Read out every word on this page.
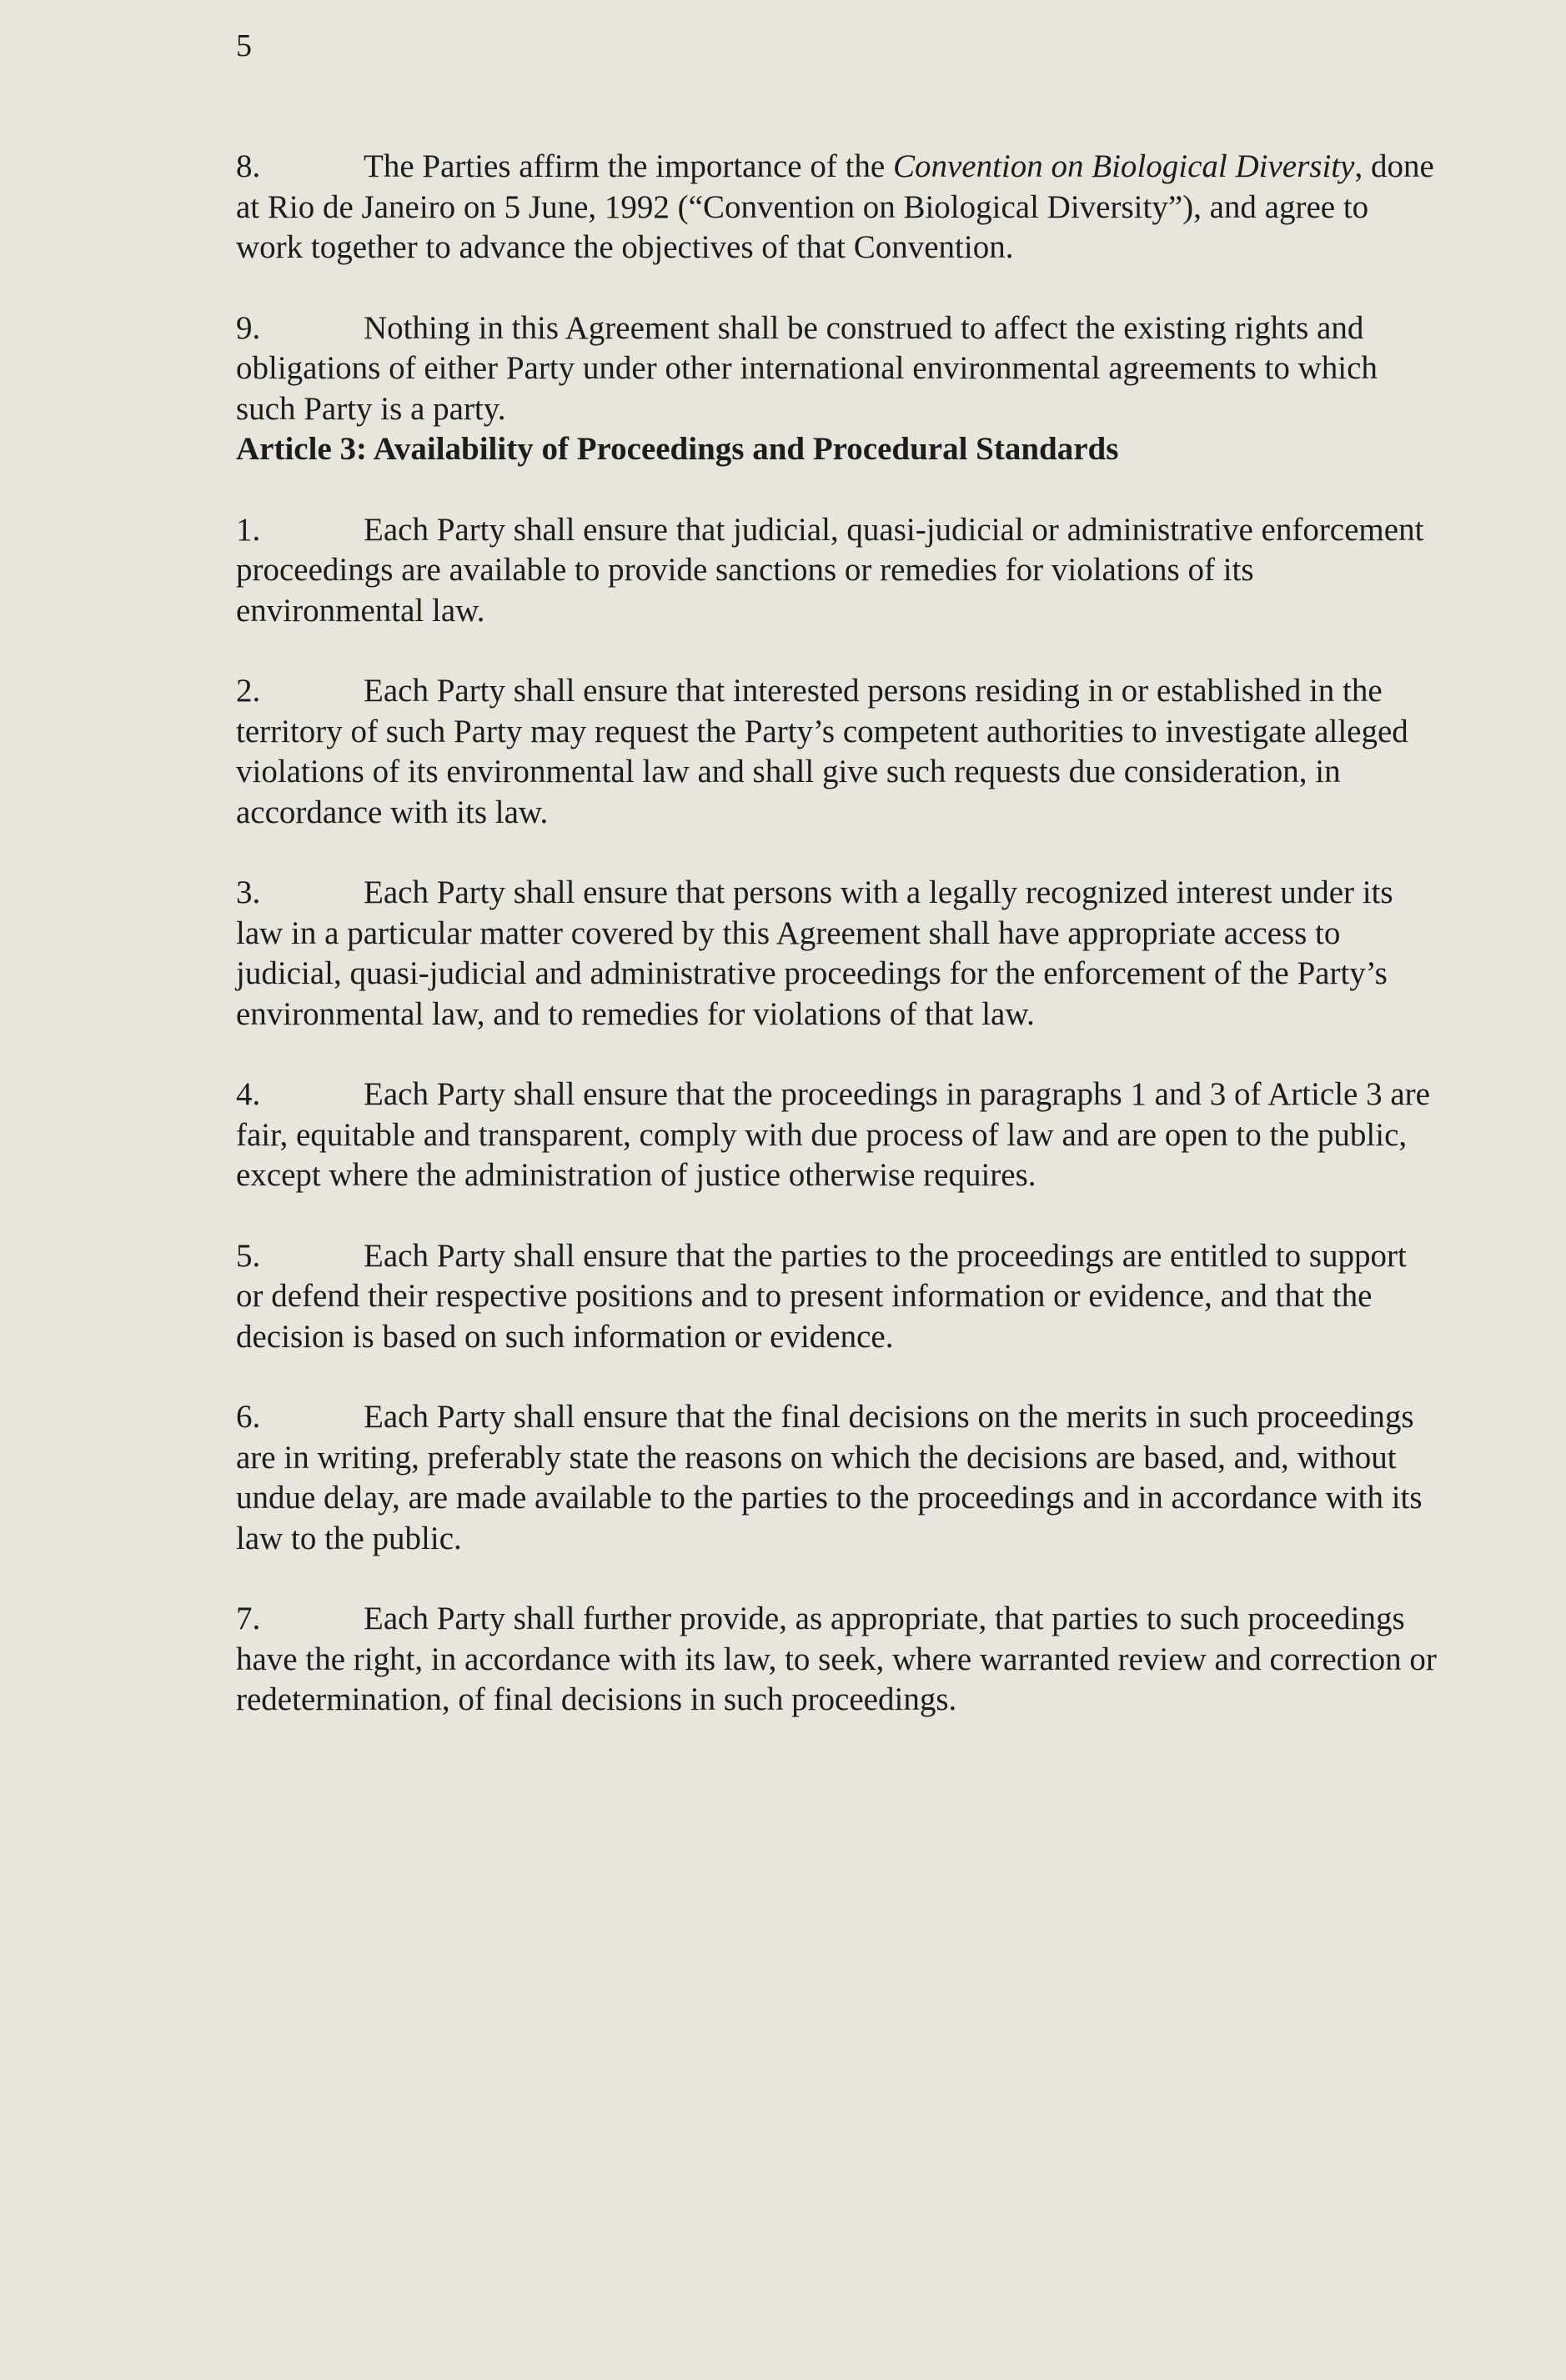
5

8.	The Parties affirm the importance of the Convention on Biological Diversity, done at Rio de Janeiro on 5 June, 1992 (“Convention on Biological Diversity”), and agree to work together to advance the objectives of that Convention.

9.	Nothing in this Agreement shall be construed to affect the existing rights and obligations of either Party under other international environmental agreements to which such Party is a party.

Article 3: Availability of Proceedings and Procedural Standards

1.	Each Party shall ensure that judicial, quasi-judicial or administrative enforcement proceedings are available to provide sanctions or remedies for violations of its environmental law.

2.	Each Party shall ensure that interested persons residing in or established in the territory of such Party may request the Party’s competent authorities to investigate alleged violations of its environmental law and shall give such requests due consideration, in accordance with its law.

3.	Each Party shall ensure that persons with a legally recognized interest under its law in a particular matter covered by this Agreement shall have appropriate access to judicial, quasi-judicial and administrative proceedings for the enforcement of the Party’s environmental law, and to remedies for violations of that law.

4.	Each Party shall ensure that the proceedings in paragraphs 1 and 3 of Article 3 are fair, equitable and transparent, comply with due process of law and are open to the public, except where the administration of justice otherwise requires.

5.	Each Party shall ensure that the parties to the proceedings are entitled to support or defend their respective positions and to present information or evidence, and that the decision is based on such information or evidence.

6.	Each Party shall ensure that the final decisions on the merits in such proceedings are in writing, preferably state the reasons on which the decisions are based, and, without undue delay, are made available to the parties to the proceedings and in accordance with its law to the public.

7.	Each Party shall further provide, as appropriate, that parties to such proceedings have the right, in accordance with its law, to seek, where warranted review and correction or redetermination, of final decisions in such proceedings.
